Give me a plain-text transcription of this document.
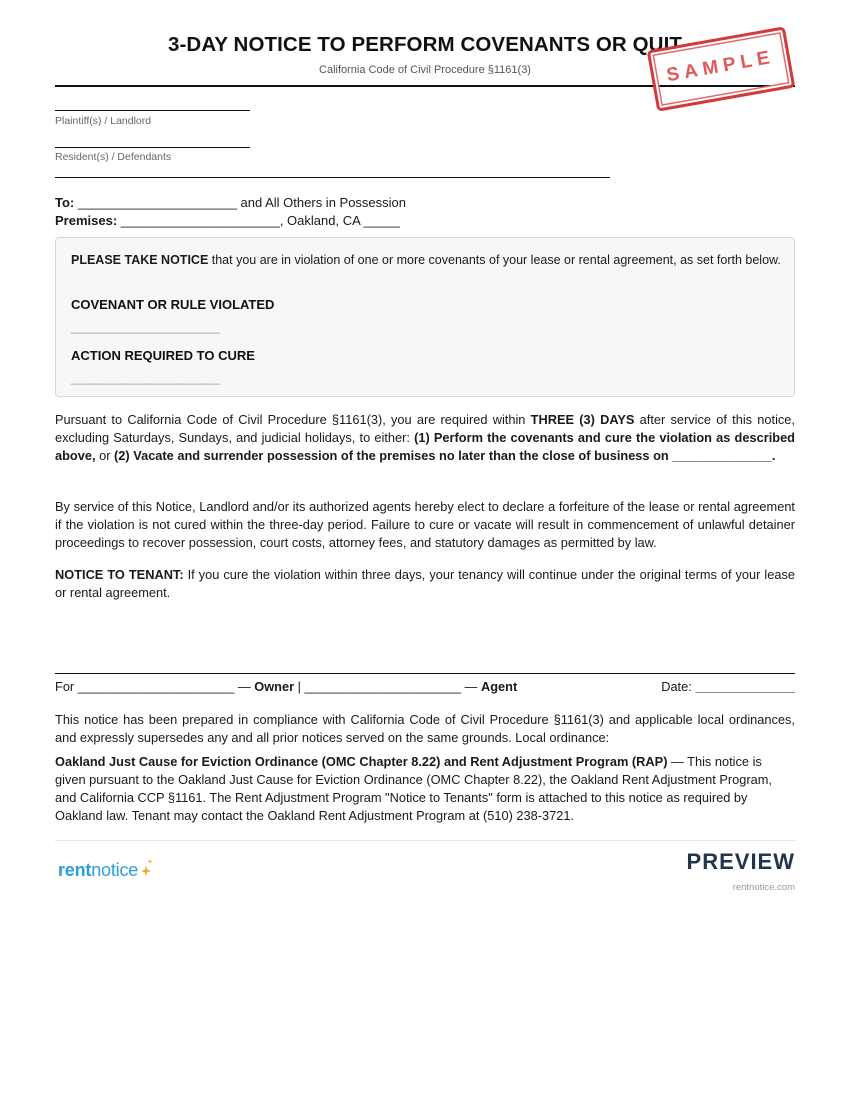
3-DAY NOTICE TO PERFORM COVENANTS OR QUIT
California Code of Civil Procedure §1161(3)	SAMPLE
Plaintiff(s) / Landlord
Resident(s) / Defendants
To: ______________________ and All Others in Possession
Premises: ______________________, Oakland, CA _____
PLEASE TAKE NOTICE that you are in violation of one or more covenants of your lease or rental agreement, as set forth below.
COVENANT OR RULE VIOLATED
________________________
ACTION REQUIRED TO CURE
________________________
Pursuant to California Code of Civil Procedure §1161(3), you are required within THREE (3) DAYS after service of this notice, excluding Saturdays, Sundays, and judicial holidays, to either: (1) Perform the covenants and cure the violation as described above, or (2) Vacate and surrender possession of the premises no later than the close of business on ______________.
By service of this Notice, Landlord and/or its authorized agents hereby elect to declare a forfeiture of the lease or rental agreement if the violation is not cured within the three-day period. Failure to cure or vacate will result in commencement of unlawful detainer proceedings to recover possession, court costs, attorney fees, and statutory damages as permitted by law.
NOTICE TO TENANT: If you cure the violation within three days, your tenancy will continue under the original terms of your lease or rental agreement.
For ______________________ — Owner | ______________________ — Agent	Date: ______________
This notice has been prepared in compliance with California Code of Civil Procedure §1161(3) and applicable local ordinances, and expressly supersedes any and all prior notices served on the same grounds. Local ordinance:
Oakland Just Cause for Eviction Ordinance (OMC Chapter 8.22) and Rent Adjustment Program (RAP) — This notice is given pursuant to the Oakland Just Cause for Eviction Ordinance (OMC Chapter 8.22), the Oakland Rent Adjustment Program, and California CCP §1161. The Rent Adjustment Program "Notice to Tenants" form is attached to this notice as required by Oakland law. Tenant may contact the Oakland Rent Adjustment Program at (510) 238-3721.
rentnotice	PREVIEW
rentnotice.com
